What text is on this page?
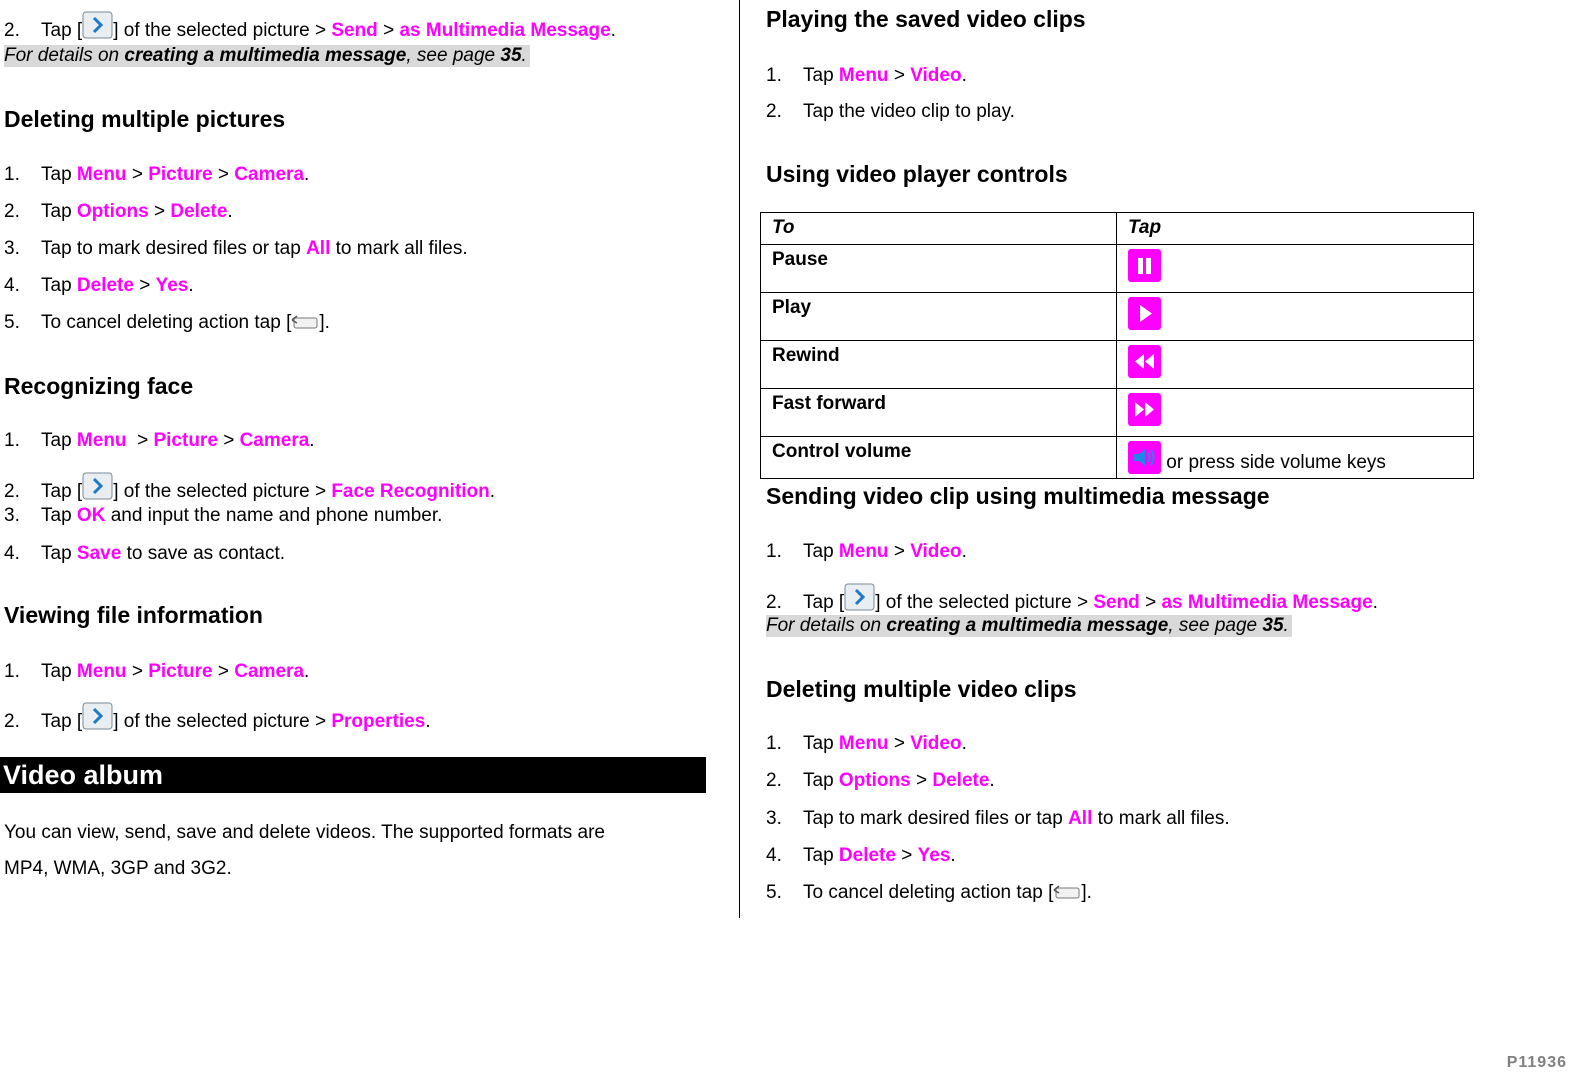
2. Tap [ ] of the selected picture > Send > as Multimedia Message.
For details on creating a multimedia message, see page 35.
Deleting multiple pictures
1. Tap Menu > Picture > Camera.
2. Tap Options > Delete.
3. Tap to mark desired files or tap All to mark all files.
4. Tap Delete > Yes.
5. To cancel deleting action tap [ ].
Recognizing face
1. Tap Menu > Picture > Camera.
2. Tap [ ] of the selected picture > Face Recognition.
3. Tap OK and input the name and phone number.
4. Tap Save to save as contact.
Viewing file information
1. Tap Menu > Picture > Camera.
2. Tap [ ] of the selected picture > Properties.
You can view, send, save and delete videos. The supported formats are
MP4, WMA, 3GP and 3G2.
Video album
Playing the saved video clips
1. Tap Menu > Video.
2. Tap the video clip to play.
Using video player controls
Sending video clip using multimedia message
1. Tap Menu > Video.
2. Tap [ ] of the selected picture > Send > as Multimedia Message.
For details on creating a multimedia message, see page 35.
Deleting multiple video clips
1. Tap Menu > Video.
2. Tap Options > Delete.
3. Tap to mark desired files or tap All to mark all files.
4. Tap Delete > Yes.
5. To cancel deleting action tap [ ].
To	Tap
Pause	
Play	
Rewind	
Fast forward	
Control volume	or press side volume keys
P11936
